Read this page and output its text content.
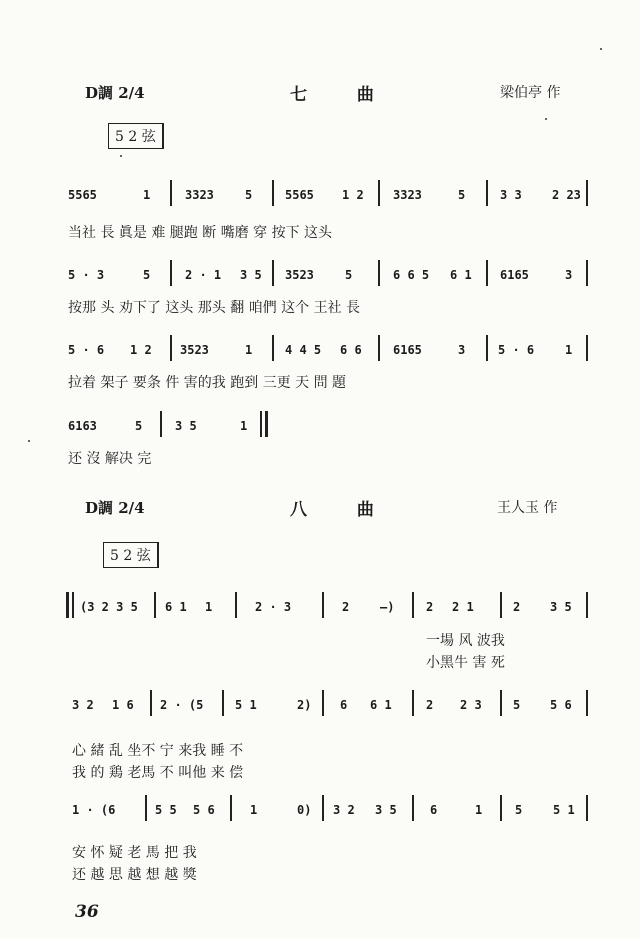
D調 2/4	七 曲	梁伯亭 作
5 2 弦
5565	1	3323	5	5565 1 2 3323	5	3 3	2 23
当社 長 眞是 难 腿跑 断 嘴磨 穿 按下 这头
5 · 3	5	2 · 1 3 5 3523	5	6 6 5 6 1 6165	3
按那 头 劝下了 这头 那头 翻 咱們 这个 王社 長
5 · 6 1 2 3523	1	4 4 5 6 6	6165	3	5 · 6	1
拉着 架子 要条 件 害的我 跑到 三更 天 問 題
6163	5	3 5	1
还 沒 解决 完
D調 2/4	八 曲	王人玉 作
5 2 弦
(3 2 3 5 6 1 1	2 · 3	2	—)	2 2 1	2 3 5
一場 风 波我
小黑牛 害 死
3 2 1 6 2 · (5	5 1	2) 6 6 1	2 2 3	5 5 6
心 緒 乱 坐不 宁 来我 睡 不
我 的 鶏 老馬 不 叫他 来 偿
1 · (6	5 5 5 6	1	0) 3 2 3 5	6	1	5	5 1
安 怀 疑 老 馬 把 我
还 越 思 越 想 越 獎
36
